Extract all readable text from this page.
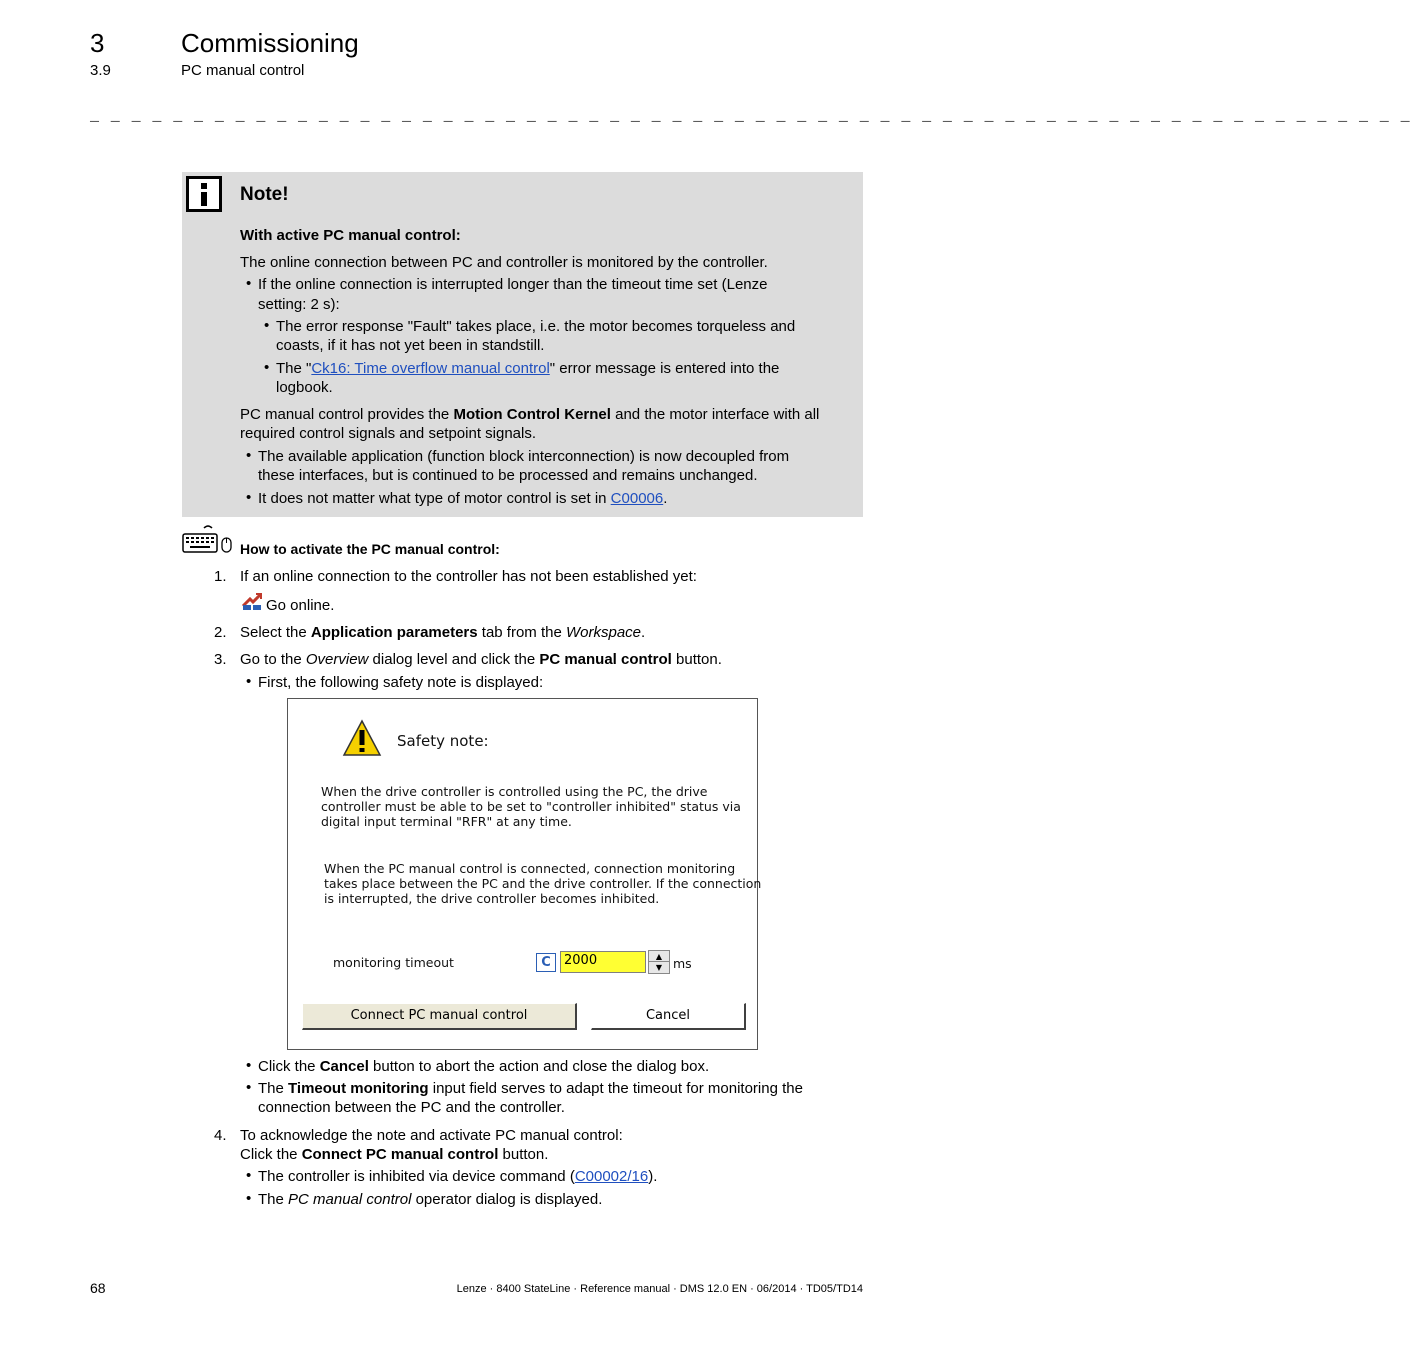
3	Commissioning
3.9	PC manual control
_ _ _ _ _ _ _ _ _ _ _ _ _ _ _ _ _ _ _ _ _ _ _ _ _ _ _ _ _ _ _ _ _ _ _ _ _ _ _ _ _ _ _ _ _ _ _ _ _ _ _ _ _ _ _ _ _ _ _ _ _ _ _ _
Note!
With active PC manual control:
The online connection between PC and controller is monitored by the controller.
• If the online connection is interrupted longer than the timeout time set (Lenze
setting: 2 s):
• The error response "Fault" takes place, i.e. the motor becomes torqueless and
coasts, if it has not yet been in standstill.
• The "Ck16: Time overflow manual control" error message is entered into the
logbook.
PC manual control provides the Motion Control Kernel and the motor interface with all
required control signals and setpoint signals.
• The available application (function block interconnection) is now decoupled from
these interfaces, but is continued to be processed and remains unchanged.
• It does not matter what type of motor control is set in C00006.
How to activate the PC manual control:
1. If an online connection to the controller has not been established yet:
Go online.
2. Select the Application parameters tab from the Workspace.
3. Go to the Overview dialog level and click the PC manual control button.
• First, the following safety note is displayed:
Safety note:
When the drive controller is controlled using the PC, the drive
controller must be able to be set to "controller inhibited" status via
digital input terminal "RFR" at any time.
When the PC manual control is connected, connection monitoring
takes place between the PC and the drive controller. If the connection
is interrupted, the drive controller becomes inhibited.
monitoring timeout	C	2000	▲
▼ ms
Connect PC manual control	Cancel
• Click the Cancel button to abort the action and close the dialog box.
• The Timeout monitoring input field serves to adapt the timeout for monitoring the
connection between the PC and the controller.
4. To acknowledge the note and activate PC manual control:
Click the Connect PC manual control button.
• The controller is inhibited via device command (C00002/16).
• The PC manual control operator dialog is displayed.
68	Lenze · 8400 StateLine · Reference manual · DMS 12.0 EN · 06/2014 · TD05/TD14
